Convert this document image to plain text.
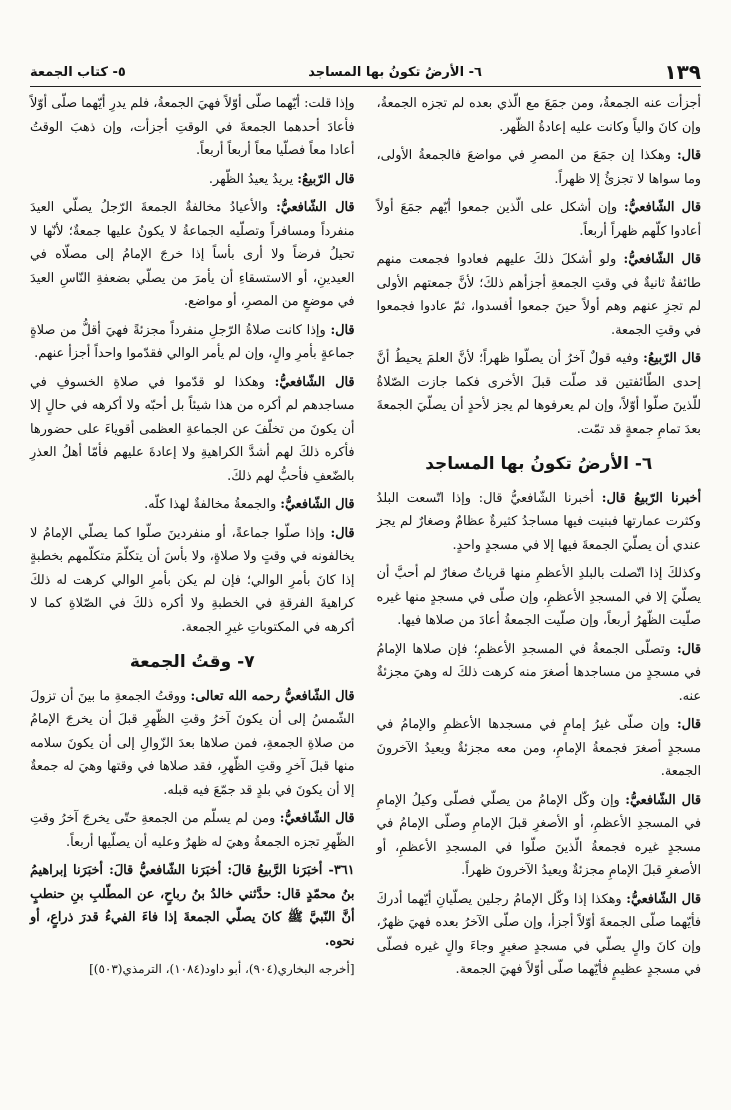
١٣٩
٦- الأرضُ تكونُ بها المساجد
٥- كتاب الجمعة

أجزأت عنه الجمعةُ، ومن جمَعَ مع الّذي بعده لم تجزه الجمعةُ، وإن كانَ والياً وكانت عليه إعادةُ الظّهر.

قال: وهكذا إن جمَعَ من المصرِ في مواضعَ فالجمعةُ الأولى، وما سواها لا تجزئُ إلا ظهراً.

قال الشّافعيُّ: وإن أشكل على الّذين جمعوا أيّهم جمَعَ أولاً أعادوا كلّهم ظهراً أربعاً.

قال الشّافعيُّ: ولو أشكلَ ذلكَ عليهم فعادوا فجمعت منهم طائفةٌ ثانيةٌ في وقتِ الجمعةِ أجزأهم ذلكَ؛ لأنَّ جمعتهم الأولى لم تجزِ عنهم وهم أولاً حينَ جمعوا أفسدوا، ثمّ عادوا فجمعوا في وقتِ الجمعة.

قال الرّبيعُ: وفيه قولٌ آخرُ أن يصلّوا ظهراً؛ لأنَّ العلمَ يحيطُ أنَّ إحدى الطّائفتين قد صلّت قبلَ الأخرى فكما جازت الصّلاةُ للّذينَ صلّوا أوّلاً، وإن لم يعرفوها لم يجز لأحدٍ أن يصلّيَ الجمعةَ بعدَ تمامِ جمعةٍ قد تمّت.

٦- الأرضُ تكونُ بها المساجد

أخبرنا الرّبيعُ قال: أخبرنا الشّافعيُّ قال: وإذا اتّسعت البلدُ وكثرت عمارتها فبنيت فيها مساجدُ كثيرةٌ عظامٌ وصغارٌ لم يجز عندي أن يصلّيَ الجمعةَ فيها إلا في مسجدٍ واحدٍ.

وكذلكَ إذا اتّصلت بالبلدِ الأعظمِ منها قرياتٌ صغارٌ لم أحبَّ أن يصلّيَ إلا في المسجدِ الأعظمِ، وإن صلّى في مسجدٍ منها غيره صلّيت الظّهرُ أربعاً، وإن صلّيت الجمعةُ أعادَ من صلاها فيها.

قال: وتصلّى الجمعةُ في المسجدِ الأعظمِ؛ فإن صلاها الإمامُ في مسجدٍ من مساجدها أصغرَ منه كرهت ذلكَ له وهيَ مجزئةٌ عنه.

قال: وإن صلّى غيرُ إمامٍ في مسجدها الأعظمِ والإمامُ في مسجدٍ أصغرَ فجمعةُ الإمامِ، ومن معه مجزئةٌ ويعيدُ الآخرونَ الجمعة.

قال الشّافعيُّ: وإن وكّل الإمامُ من يصلّي فصلّى وكيلُ الإمامِ في المسجدِ الأعظمِ، أو الأصغرِ قبلَ الإمامِ وصلّى الإمامُ في مسجدٍ غيره فجمعةُ الّذينَ صلّوا في المسجدِ الأعظمِ، أو الأصغرِ قبلَ الإمامِ مجزئةٌ ويعيدُ الآخرونَ ظهراً.

قال الشّافعيُّ: وهكذا إذا وكّل الإمامُ رجلين يصلّيانِ أيّهما أدركَ فأيّهما صلّى الجمعةَ أوّلاً أجزأ، وإن صلّى الآخرُ بعده فهيَ ظهرٌ، وإن كانَ والٍ يصلّي في مسجدٍ صغيرٍ وجاءَ والٍ غيره فصلّى في مسجدٍ عظيمٍ فأيّهما صلّى أوّلاً فهيَ الجمعة.

وإذا قلت: أيّهما صلّى أوّلاً فهيَ الجمعةُ، فلم يدرِ أيّهما صلّى أوّلاً فأعادَ أحدهما الجمعةَ في الوقتِ أجزأت، وإن ذهبَ الوقتُ أعادا معاً فصلّيا معاً أربعاً أربعاً.

قال الرّبيعُ: يريدُ يعيدُ الظّهر.

قال الشّافعيُّ: والأعيادُ مخالفةٌ الجمعةَ الرّجلُ يصلّي العيدَ منفرداً ومسافراً وتصلّيه الجماعةُ لا يكونُ عليها جمعةٌ؛ لأنّها لا تحيلُ فرضاً ولا أرى بأساً إذا خرجَ الإمامُ إلى مصلّاه في العيدينِ، أو الاستسقاءِ أن يأمرَ من يصلّي بضعفةِ النّاسِ العيدَ في موضعٍ من المصرِ، أو مواضع.

قال: وإذا كانت صلاةُ الرّجلِ منفرداً مجزئةً فهيَ أقلُّ من صلاةٍ جماعةٍ بأمرِ والٍ، وإن لم يأمر الوالي فقدّموا واحداً أجزأ عنهم.

قال الشّافعيُّ: وهكذا لو قدّموا في صلاةِ الخسوفِ في مساجدهم لم أكره من هذا شيئاً بل أحبّه ولا أكرهه في حالٍ إلا أن يكونَ من تخلّفَ عن الجماعةِ العظمى أقوياءَ على حضورها فأكره ذلكَ لهم أشدَّ الكراهيةِ ولا إعادةَ عليهم فأمّا أهلُ العذرِ بالضّعفِ فأحبُّ لهم ذلكَ.

قال الشّافعيُّ: والجمعةُ مخالفةٌ لهذا كلّه.

قال: وإذا صلّوا جماعةً، أو منفردينَ صلّوا كما يصلّي الإمامُ لا يخالفونه في وقتٍ ولا صلاةٍ، ولا بأسَ أن يتكلّمَ متكلّمهم بخطبةٍ إذا كانَ بأمرِ الوالي؛ فإن لم يكن بأمرِ الوالي كرهت له ذلكَ كراهيةَ الفرقةِ في الخطبةِ ولا أكره ذلكَ في الصّلاةِ كما لا أكرهه في المكتوباتِ غيرِ الجمعة.

٧- وقتُ الجمعة

قال الشّافعيُّ رحمه الله تعالى: ووقتُ الجمعةِ ما بينَ أن تزولَ الشّمسُ إلى أن يكونَ آخرُ وقتِ الظّهرِ قبلَ أن يخرجَ الإمامُ من صلاةِ الجمعةِ، فمن صلاها بعدَ الزّوالِ إلى أن يكونَ سلامه منها قبلَ آخرِ وقتِ الظّهرِ، فقد صلاها في وقتها وهيَ له جمعةٌ إلا أن يكونَ في بلدٍ قد جمّعَ فيه قبله.

قال الشّافعيُّ: ومن لم يسلّم من الجمعةِ حتّى يخرجَ آخرُ وقتِ الظّهرِ تجزه الجمعةُ وهيَ له ظهرٌ وعليه أن يصلّيها أربعاً.

٣٦١- أخبَرَنا الرَّبيعُ قالَ: أخبَرَنا الشّافعيُّ قالَ: أخبَرَنا إبراهيمُ بنُ محمّدٍ قال: حدَّثني خالدُ بنُ رباحٍ، عن المطّلبِ بنِ حنطبٍ أنَّ النّبيَّ ﷺ كانَ يصلّي الجمعةَ إذا فاءَ الفيءُ قدرَ ذراعٍ، أو نحوه.

[أخرجه البخاري(٩٠٤)، أبو داود(١٠٨٤)، الترمذي(٥٠٣)]
